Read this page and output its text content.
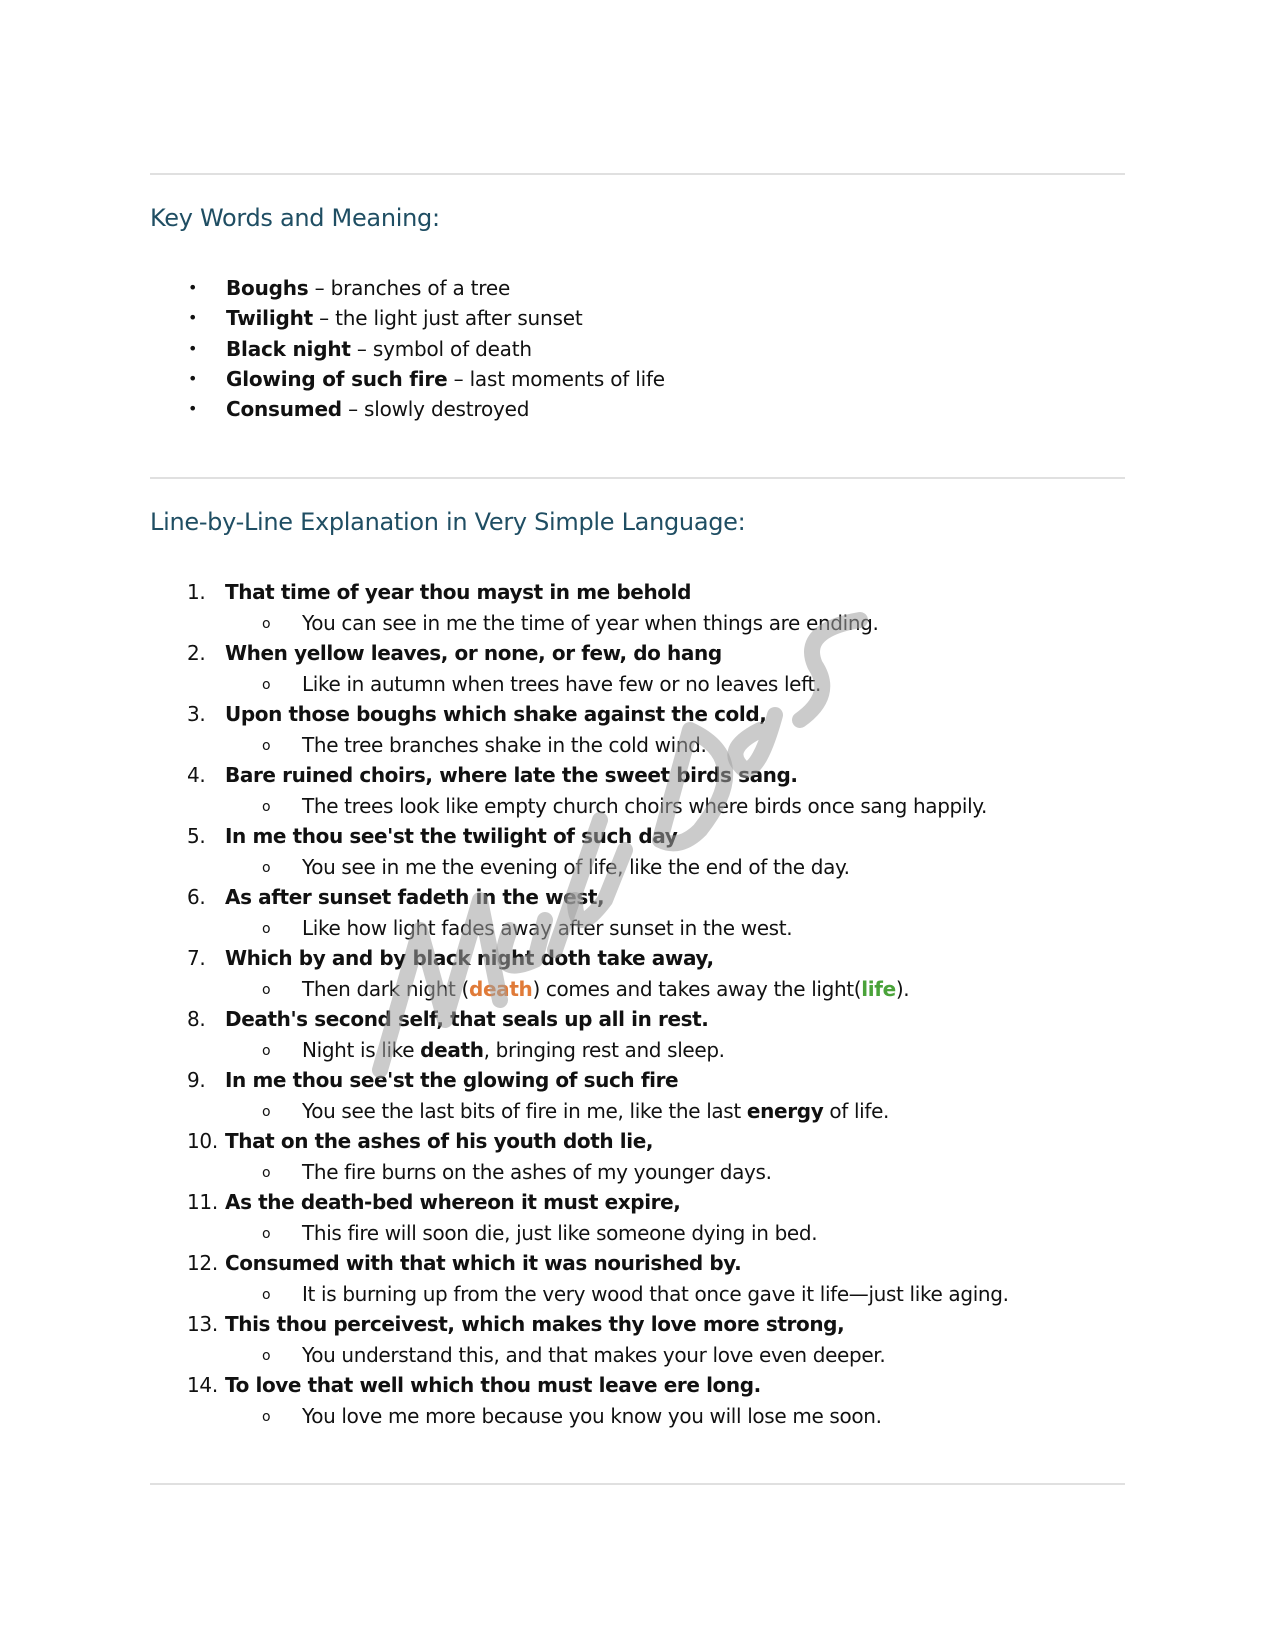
Key Words and Meaning:
• Boughs – branches of a tree
• Twilight – the light just after sunset
• Black night – symbol of death
• Glowing of such fire – last moments of life
• Consumed – slowly destroyed
Line-by-Line Explanation in Very Simple Language:
1. That time of year thou mayst in me behold
o You can see in me the time of year when things are ending.
2. When yellow leaves, or none, or few, do hang
o Like in autumn when trees have few or no leaves left.
3. Upon those boughs which shake against the cold,
o The tree branches shake in the cold wind.
4. Bare ruined choirs, where late the sweet birds sang.
o The trees look like empty church choirs where birds once sang happily.
5. In me thou see'st the twilight of such day
o You see in me the evening of life, like the end of the day.
6. As after sunset fadeth in the west,
o Like how light fades away after sunset in the west.
7. Which by and by black night doth take away,
o Then dark night (death) comes and takes away the light(life).
8. Death's second self, that seals up all in rest.
o Night is like death, bringing rest and sleep.
9. In me thou see'st the glowing of such fire
o You see the last bits of fire in me, like the last energy of life.
10. That on the ashes of his youth doth lie,
o The fire burns on the ashes of my younger days.
11. As the death-bed whereon it must expire,
o This fire will soon die, just like someone dying in bed.
12. Consumed with that which it was nourished by.
o It is burning up from the very wood that once gave it life—just like aging.
13. This thou perceivest, which makes thy love more strong,
o You understand this, and that makes your love even deeper.
14. To love that well which thou must leave ere long.
o You love me more because you know you will lose me soon.
